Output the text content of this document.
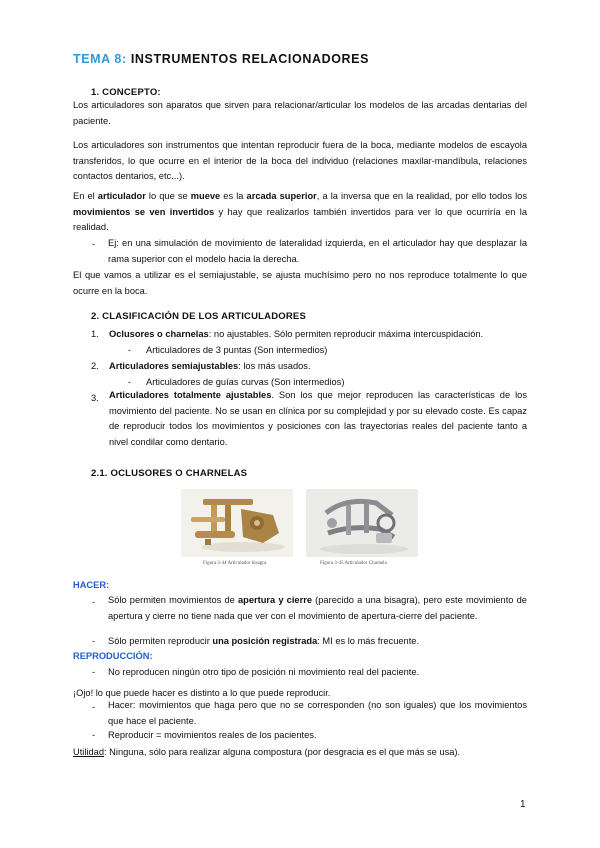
TEMA 8: INSTRUMENTOS RELACIONADORES
1. CONCEPTO:
Los articuladores son aparatos que sirven para relacionar/articular los modelos de las arcadas dentarias del paciente.
Los articuladores son instrumentos que intentan reproducir fuera de la boca, mediante modelos de escayola transferidos, lo que ocurre en el interior de la boca del individuo (relaciones maxilar-mandíbula, relaciones contactos dentarios, etc...).
En el articulador lo que se mueve es la arcada superior, a la inversa que en la realidad, por ello todos los movimientos se ven invertidos y hay que realizarlos también invertidos para ver lo que ocurriría en la realidad.
- Ej: en una simulación de movimiento de lateralidad izquierda, en el articulador hay que desplazar la rama superior con el modelo hacia la derecha.
El que vamos a utilizar es el semiajustable, se ajusta muchísimo pero no nos reproduce totalmente lo que ocurre en la boca.
2. CLASIFICACIÓN DE LOS ARTICULADORES
1. Oclusores o charnelas: no ajustables. Sólo permiten reproducir máxima intercuspidación.
- Articuladores de 3 puntas (Son intermedios)
2. Articuladores semiajustables: los más usados.
- Articuladores de guías curvas (Son intermedios)
3. Articuladores totalmente ajustables. Son los que mejor reproducen las características de los movimiento del paciente. No se usan en clínica por su complejidad y por su elevado coste. Es capaz de reproducir todos los movimientos y posiciones con las trayectorias reales del paciente tanto a nivel condilar como dentario.
2.1. OCLUSORES O CHARNELAS
Figura 3-44 Articulador bisagra	Figura 3-45 Articulador Charnela
HACER:
- Sólo permiten movimientos de apertura y cierre (parecido a una bisagra), pero este movimiento de apertura y cierre no tiene nada que ver con el movimiento de apertura-cierre del paciente.
- Sólo permiten reproducir una posición registrada: MI es lo más frecuente.
REPRODUCCIÓN:
- No reproducen ningún otro tipo de posición ni movimiento real del paciente.
¡Ojo! lo que puede hacer es distinto a lo que puede reproducir.
- Hacer: movimientos que haga pero que no se corresponden (no son iguales) que los movimientos que hace el paciente.
- Reproducir = movimientos reales de los pacientes.
Utilidad: Ninguna, sólo para realizar alguna compostura (por desgracia es el que más se usa).
1
